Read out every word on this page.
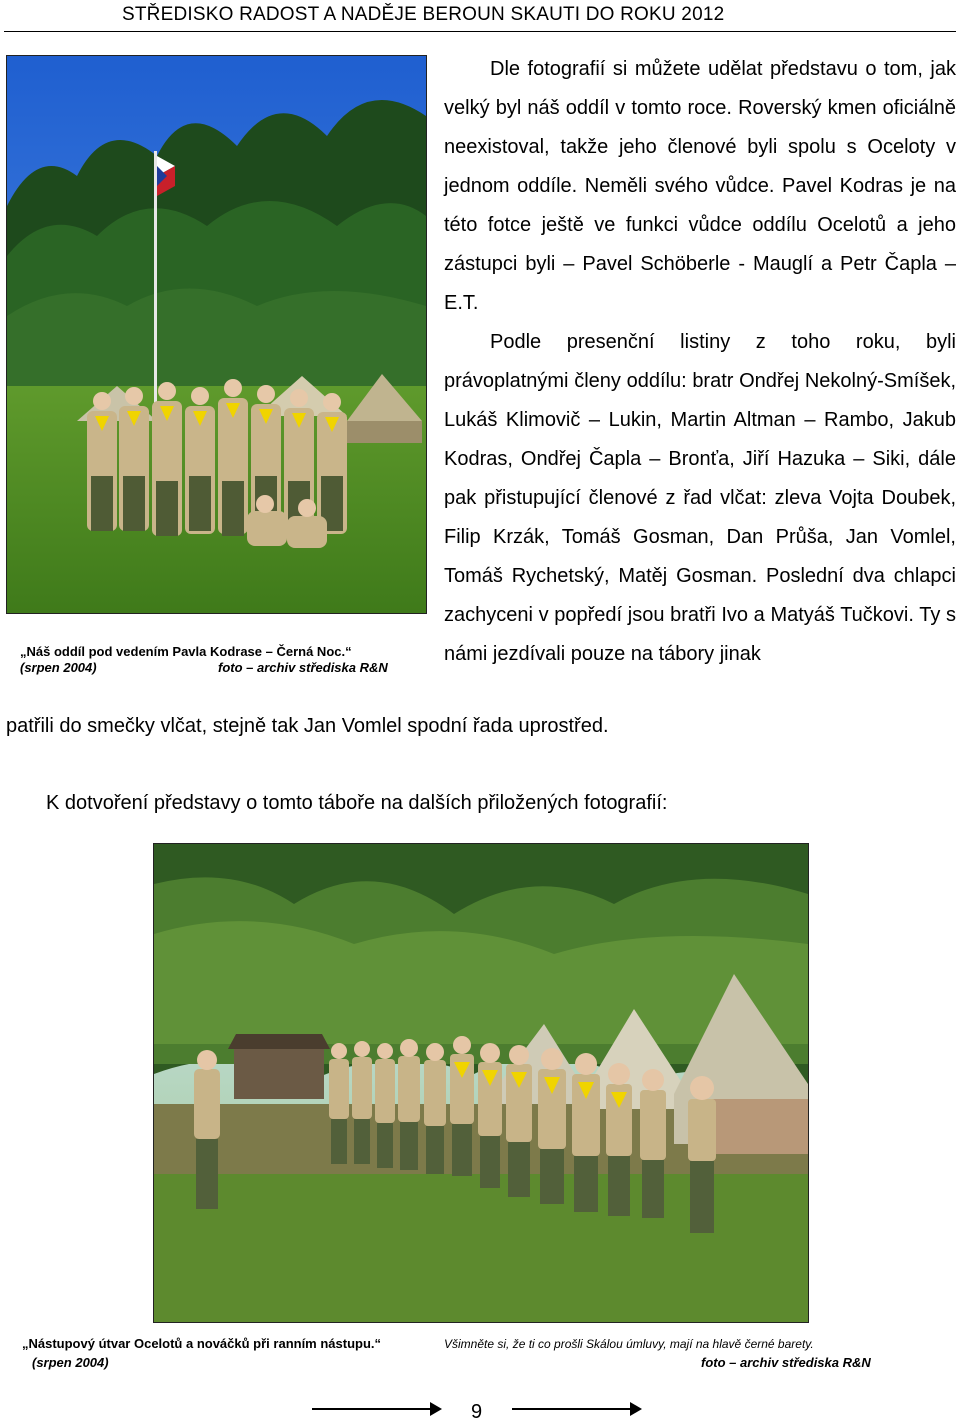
STŘEDISKO RADOST A NADĚJE BEROUN SKAUTI DO ROKU 2012
„Náš oddíl pod vedením Pavla Kodrase – Černá Noc.“
(srpen 2004)	foto – archiv střediska R&N
Dle fotografií si můžete udělat představu o tom, jak velký byl náš oddíl v tomto roce. Roverský kmen oficiálně neexistoval, takže jeho členové byli spolu s Oceloty v jednom oddíle. Neměli svého vůdce. Pavel Kodras je na této fotce ještě ve funkci vůdce oddílu Ocelotů a jeho zástupci byli – Pavel Schöberle - Mauglí a Petr Čapla – E.T.
Podle presenční listiny z toho roku, byli právoplatnými členy oddílu: bratr Ondřej Nekolný-Smíšek, Lukáš Klimovič – Lukin, Martin Altman – Rambo, Jakub Kodras, Ondřej Čapla – Bronťa, Jiří Hazuka – Siki, dále pak přistupující členové z řad vlčat: zleva Vojta Doubek, Filip Krzák, Tomáš Gosman, Dan Průša, Jan Vomlel, Tomáš Rychetský, Matěj Gosman. Poslední dva chlapci zachyceni v popředí jsou bratři Ivo a Matyáš Tučkovi. Ty s námi jezdívali pouze na tábory jinak
patřili do smečky vlčat, stejně tak Jan Vomlel spodní řada uprostřed.
K dotvoření představy o tomto táboře na dalších přiložených fotografií:
„Nástupový útvar Ocelotů a nováčků při ranním nástupu.“	Všimněte si, že ti co prošli Skálou úmluvy, mají na hlavě černé barety.
(srpen 2004)	foto – archiv střediska R&N
9
